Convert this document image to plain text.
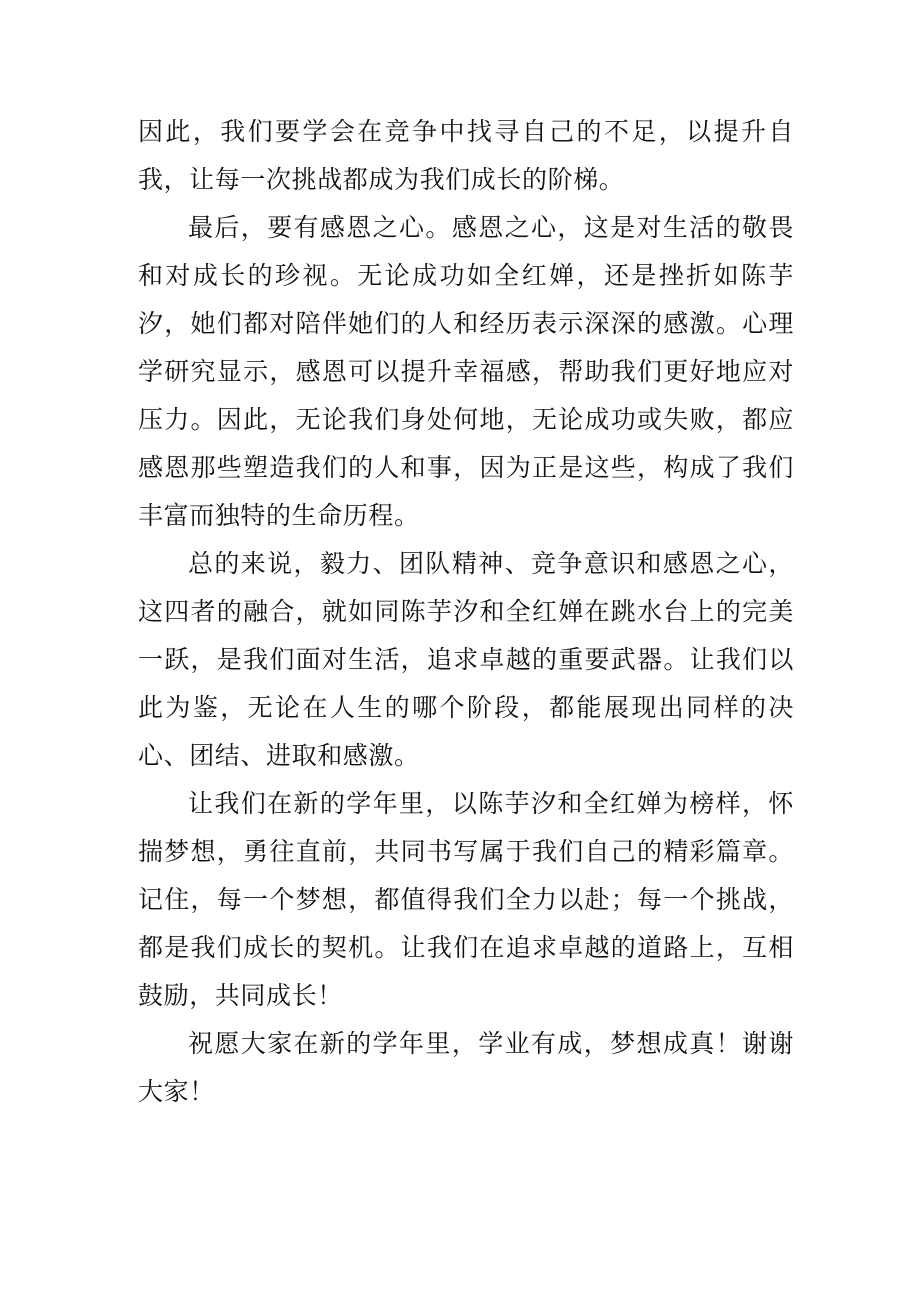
因此，我们要学会在竞争中找寻自己的不足，以提升自我，让每一次挑战都成为我们成长的阶梯。

最后，要有感恩之心。感恩之心，这是对生活的敬畏和对成长的珍视。无论成功如全红婵，还是挫折如陈芋汐，她们都对陪伴她们的人和经历表示深深的感激。心理学研究显示，感恩可以提升幸福感，帮助我们更好地应对压力。因此，无论我们身处何地，无论成功或失败，都应感恩那些塑造我们的人和事，因为正是这些，构成了我们丰富而独特的生命历程。

总的来说，毅力、团队精神、竞争意识和感恩之心，这四者的融合，就如同陈芋汐和全红婵在跳水台上的完美一跃，是我们面对生活，追求卓越的重要武器。让我们以此为鉴，无论在人生的哪个阶段，都能展现出同样的决心、团结、进取和感激。

让我们在新的学年里，以陈芋汐和全红婵为榜样，怀揣梦想，勇往直前，共同书写属于我们自己的精彩篇章。记住，每一个梦想，都值得我们全力以赴；每一个挑战，都是我们成长的契机。让我们在追求卓越的道路上，互相鼓励，共同成长！

祝愿大家在新的学年里，学业有成，梦想成真！谢谢大家！
